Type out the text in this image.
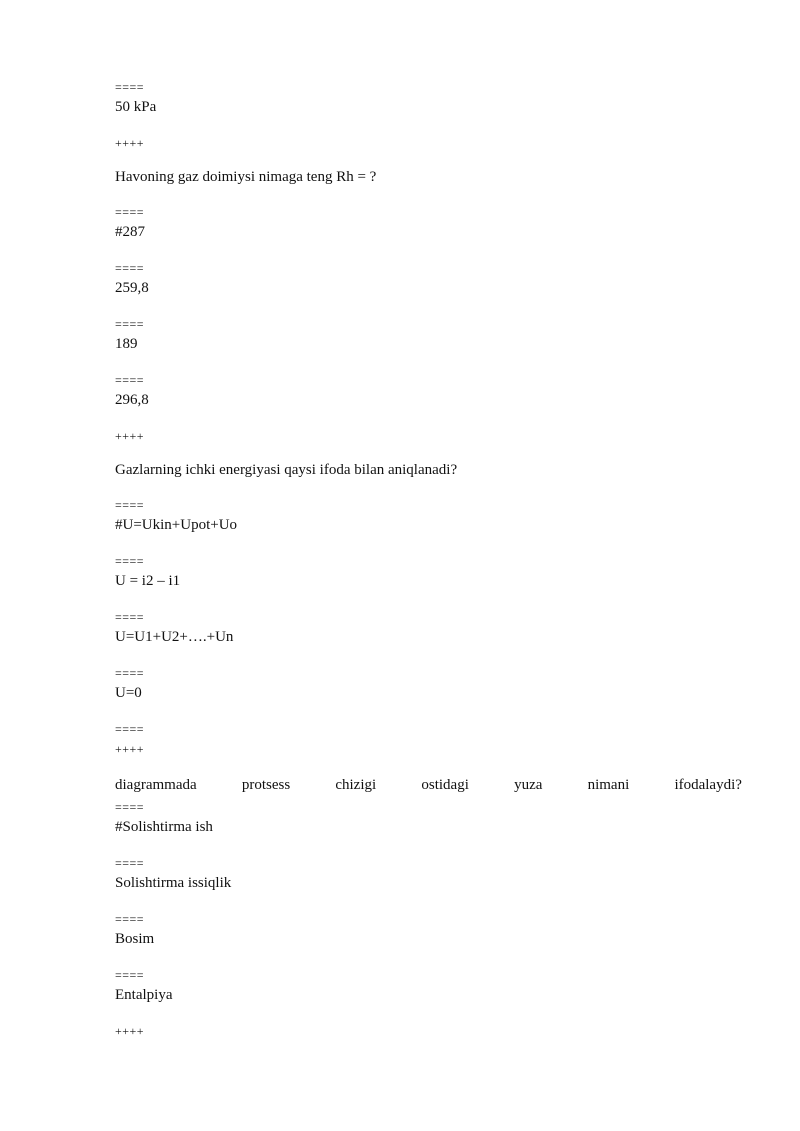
====
50 kPa
++++
Havoning gaz doimiysi nimaga teng Rh = ?
====
#287
====
259,8
====
189
====
296,8
++++
Gazlarning ichki energiyasi qaysi ifoda bilan aniqlanadi?
====
#U=Ukin+Upot+Uo
====
U = i2 – i1
====
U=U1+U2+….+Un
====
U=0
====
++++
diagrammada	protsess	chizigi	ostidagi	yuza	nimani	ifodalaydi?
====
#Solishtirma ish
====
Solishtirma issiqlik
====
Bosim
====
Entalpiya
++++
